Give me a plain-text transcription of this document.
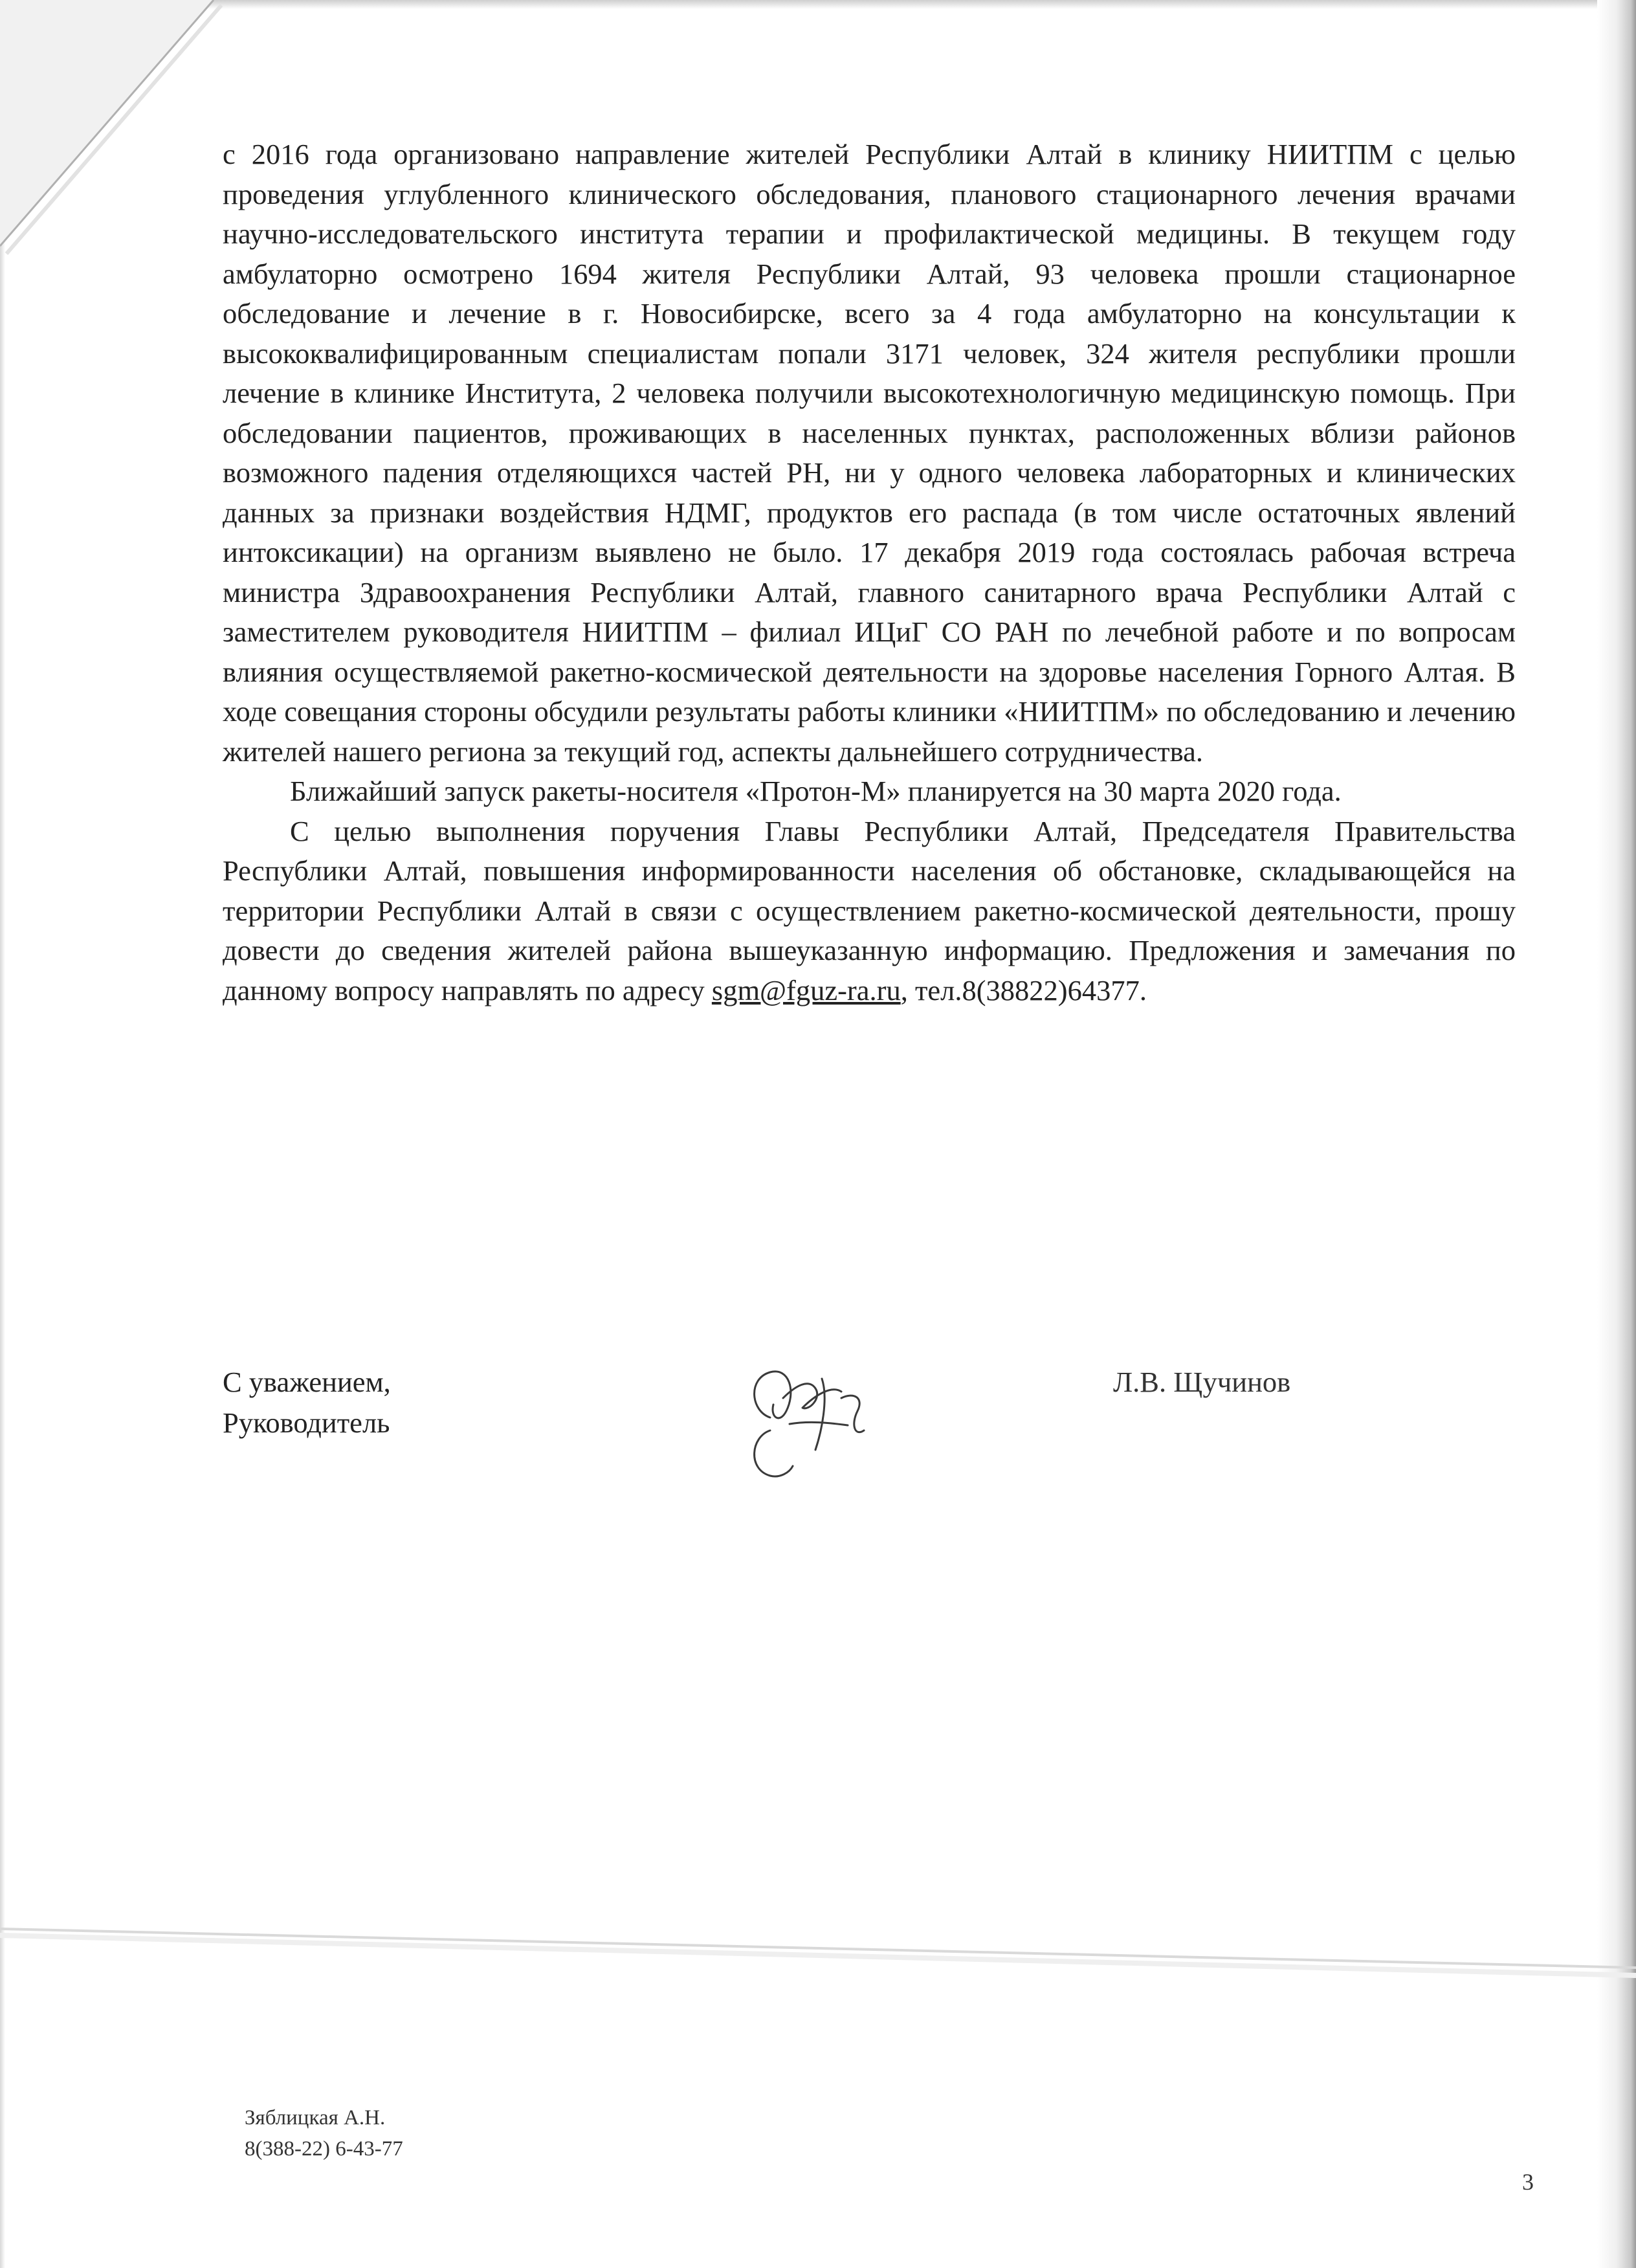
с 2016 года организовано направление жителей Республики Алтай в клинику НИИТПМ с целью проведения углубленного клинического обследования, планового стационарного лечения врачами научно-исследовательского института терапии и профилактической медицины. В текущем году амбулаторно осмотрено 1694 жителя Республики Алтай, 93 человека прошли стационарное обследование и лечение в г. Новосибирске, всего за 4 года амбулаторно на консультации к высококвалифицированным специалистам попали 3171 человек, 324 жителя республики прошли лечение в клинике Института, 2 человека получили высокотехнологичную медицинскую помощь. При обследовании пациентов, проживающих в населенных пунктах, расположенных вблизи районов возможного падения отделяющихся частей РН, ни у одного человека лабораторных и клинических данных за признаки воздействия НДМГ, продуктов его распада (в том числе остаточных явлений интоксикации) на организм выявлено не было. 17 декабря 2019 года состоялась рабочая встреча министра Здравоохранения Республики Алтай, главного санитарного врача Республики Алтай с заместителем руководителя НИИТПМ – филиал ИЦиГ СО РАН по лечебной работе и по вопросам влияния осуществляемой ракетно-космической деятельности на здоровье населения Горного Алтая. В ходе совещания стороны обсудили результаты работы клиники «НИИТПМ» по обследованию и лечению жителей нашего региона за текущий год, аспекты дальнейшего сотрудничества.

Ближайший запуск ракеты-носителя «Протон-М» планируется на 30 марта 2020 года.

С целью выполнения поручения Главы Республики Алтай, Председателя Правительства Республики Алтай, повышения информированности населения об обстановке, складывающейся на территории Республики Алтай в связи с осуществлением ракетно-космической деятельности, прошу довести до сведения жителей района вышеуказанную информацию. Предложения и замечания по данному вопросу направлять по адресу sgm@fguz-ra.ru, тел.8(38822)64377.

С уважением,
Руководитель
Л.В. Щучинов
Зяблицкая А.Н.
8(388-22) 6-43-77
3
